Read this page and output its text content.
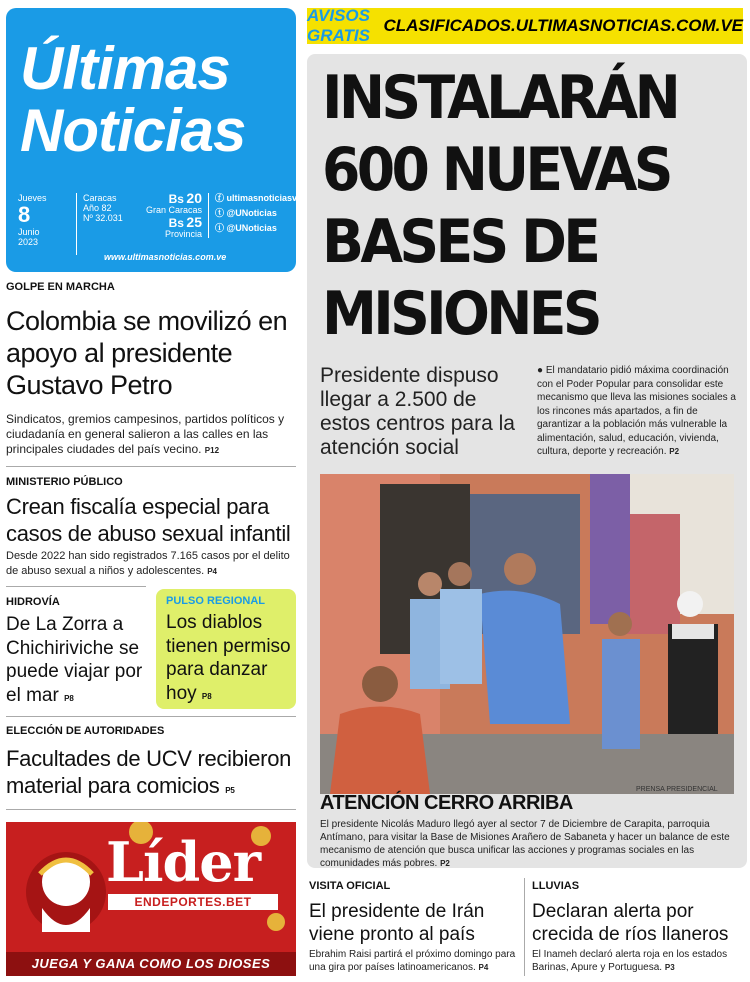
Últimas
Noticias
Jueves
8
Junio
2023
Caracas
Año 82
Nº 32.031
Bs 20
Gran Caracas
Bs 25
Provincia
ⓕ ultimasnoticiasve
ⓣ @UNoticias
ⓘ @UNoticias
www.ultimasnoticias.com.ve
AVISOS GRATIS
CLASIFICADOS.ULTIMASNOTICIAS.COM.VE
INSTALARÁN 600 NUEVAS BASES DE MISIONES
Presidente dispuso llegar a 2.500 de estos centros para la atención social
● El mandatario pidió máxima coordinación con el Poder Popular para consolidar este mecanismo que lleva las misiones sociales a los rincones más apartados, a fin de garantizar a la población más vulnerable la alimentación, salud, educación, vivienda, cultura, deporte y recreación. P2
PRENSA PRESIDENCIAL
ATENCIÓN CERRO ARRIBA
El presidente Nicolás Maduro llegó ayer al sector 7 de Diciembre de Carapita, parroquia Antímano, para visitar la Base de Misiones Arañero de Sabaneta y hacer un balance de este mecanismo de atención que busca unificar las acciones y programas sociales en las comunidades más pobres. P2
GOLPE EN MARCHA
Colombia se movilizó en apoyo al presidente Gustavo Petro
Sindicatos, gremios campesinos, partidos políticos y ciudadanía en general salieron a las calles en las principales ciudades del país vecino. P12
MINISTERIO PÚBLICO
Crean fiscalía especial para casos de abuso sexual infantil
Desde 2022 han sido registrados 7.165 casos por el delito de abuso sexual a niños y adolescentes. P4
HIDROVÍA
De La Zorra a Chichiriviche se puede viajar por el mar P8
PULSO REGIONAL
Los diablos tienen permiso para danzar hoy P8
ELECCIÓN DE AUTORIDADES
Facultades de UCV recibieron material para comicios P5
Líder
ENDEPORTES.BET
JUEGA Y GANA COMO LOS DIOSES
VISITA OFICIAL
El presidente de Irán viene pronto al país
Ebrahim Raisi partirá el próximo domingo para una gira por países latinoamericanos. P4
LLUVIAS
Declaran alerta por crecida de ríos llaneros
El Inameh declaró alerta roja en los estados Barinas, Apure y Portuguesa. P3
